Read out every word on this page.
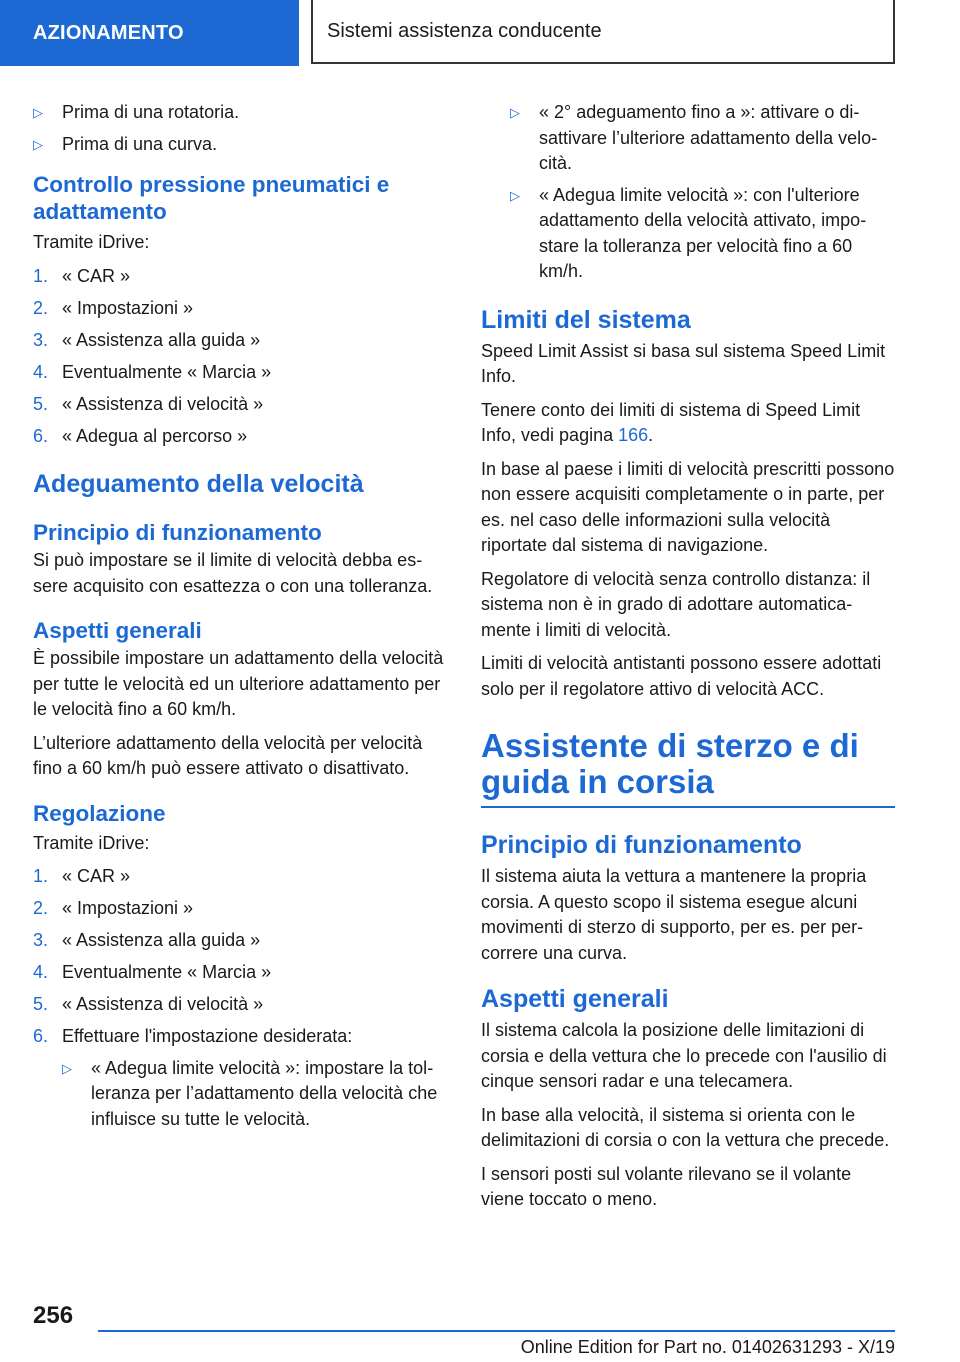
AZIONAMENTO	Sistemi assistenza conducente
▷ Prima di una rotatoria.
▷ Prima di una curva.
Controllo pressione pneumatici e adattamento

Tramite iDrive:

1. « CAR »
2. « Impostazioni »
3. « Assistenza alla guida »
4. Eventualmente « Marcia »
5. « Assistenza di velocità »
6. « Adegua al percorso »
Adeguamento della velocità
Principio di funzionamento

Si può impostare se il limite di velocità debba essere acquisito con esattezza o con una tolleranza.

Aspetti generali

È possibile impostare un adattamento della velocità per tutte le velocità ed un ulteriore adattamento per le velocità fino a 60 km/h.

L’ulteriore adattamento della velocità per velocità fino a 60 km/h può essere attivato o disattivato.

Regolazione

Tramite iDrive:

1. « CAR »
2. « Impostazioni »
3. « Assistenza alla guida »
4. Eventualmente « Marcia »
5. « Assistenza di velocità »
6. Effettuare l'impostazione desiderata:
▷ « Adegua limite velocità »: impostare la tolleranza per l’adattamento della velocità che influisce su tutte le velocità.
▷ « 2° adeguamento fino a »: attivare o disattivare l’ulteriore adattamento della velocità.
▷ « Adegua limite velocità »: con l'ulteriore adattamento della velocità attivato, impostare la tolleranza per velocità fino a 60 km/h.
Limiti del sistema

Speed Limit Assist si basa sul sistema Speed Limit Info.

Tenere conto dei limiti di sistema di Speed Limit Info, vedi pagina 166.

In base al paese i limiti di velocità prescritti possono non essere acquisiti completamente o in parte, per es. nel caso delle informazioni sulla velocità riportate dal sistema di navigazione.

Regolatore di velocità senza controllo distanza: il sistema non è in grado di adottare automaticamente i limiti di velocità.

Limiti di velocità antistanti possono essere adottati solo per il regolatore attivo di velocità ACC.

Assistente di sterzo e di guida in corsia
Principio di funzionamento

Il sistema aiuta la vettura a mantenere la propria corsia. A questo scopo il sistema esegue alcuni movimenti di sterzo di supporto, per es. per percorrere una curva.

Aspetti generali

Il sistema calcola la posizione delle limitazioni di corsia e della vettura che lo precede con l'ausilio di cinque sensori radar e una telecamera.

In base alla velocità, il sistema si orienta con le delimitazioni di corsia o con la vettura che precede.

I sensori posti sul volante rilevano se il volante viene toccato o meno.

256
Online Edition for Part no. 01402631293 - X/19
